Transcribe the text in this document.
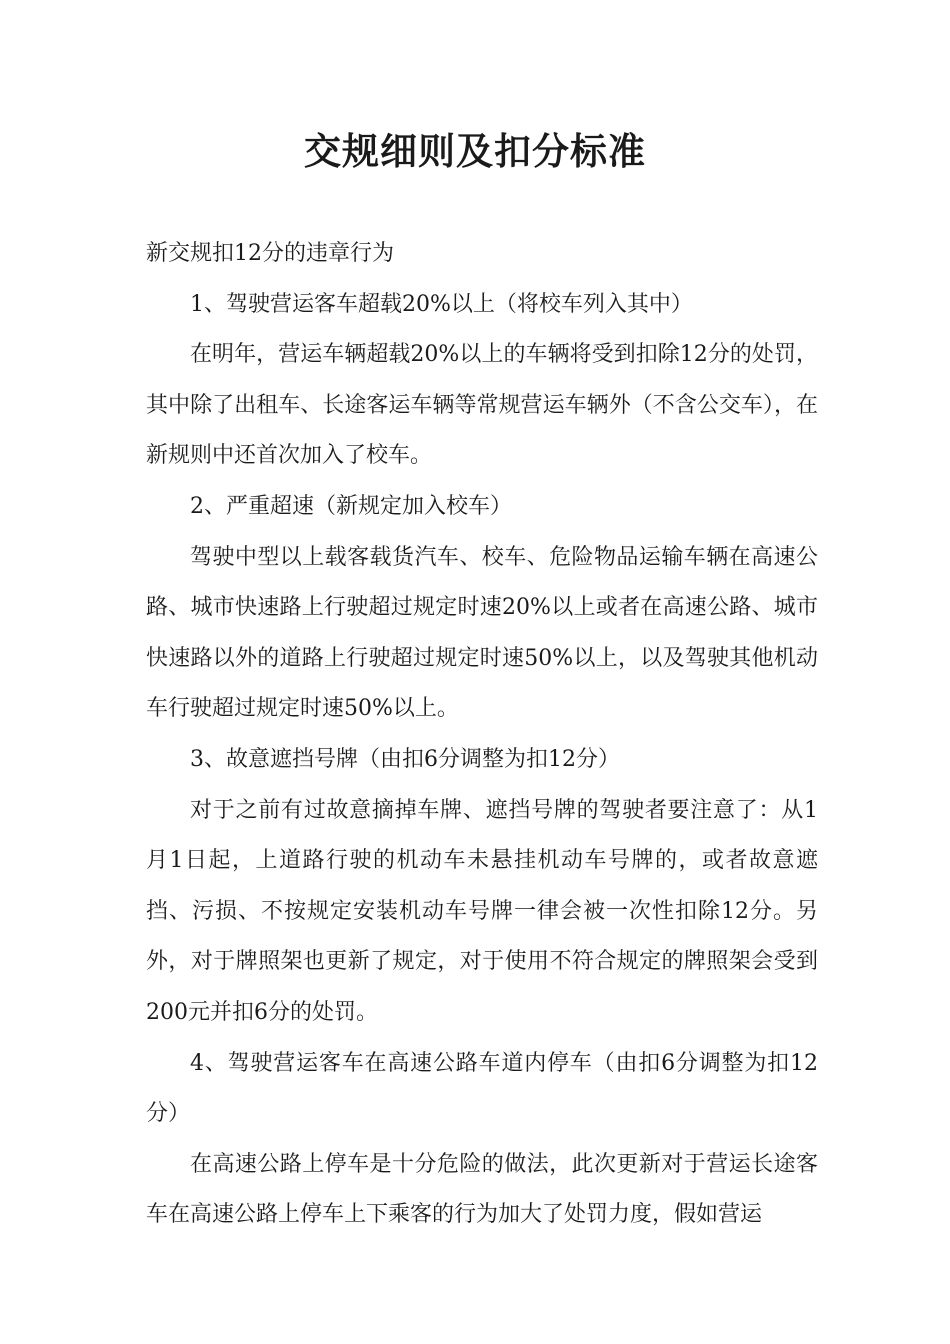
交规细则及扣分标准

新交规扣12分的违章行为

1、驾驶营运客车超载20%以上（将校车列入其中）

在明年，营运车辆超载20%以上的车辆将受到扣除12分的处罚，其中除了出租车、长途客运车辆等常规营运车辆外（不含公交车），在新规则中还首次加入了校车。

2、严重超速（新规定加入校车）

驾驶中型以上载客载货汽车、校车、危险物品运输车辆在高速公路、城市快速路上行驶超过规定时速20%以上或者在高速公路、城市快速路以外的道路上行驶超过规定时速50%以上，以及驾驶其他机动车行驶超过规定时速50%以上。

3、故意遮挡号牌（由扣6分调整为扣12分）

对于之前有过故意摘掉车牌、遮挡号牌的驾驶者要注意了：从1月1日起，上道路行驶的机动车未悬挂机动车号牌的，或者故意遮挡、污损、不按规定安装机动车号牌一律会被一次性扣除12分。另外，对于牌照架也更新了规定，对于使用不符合规定的牌照架会受到200元并扣6分的处罚。

4、驾驶营运客车在高速公路车道内停车（由扣6分调整为扣12分）

在高速公路上停车是十分危险的做法，此次更新对于营运长途客车在高速公路上停车上下乘客的行为加大了处罚力度，假如营运
